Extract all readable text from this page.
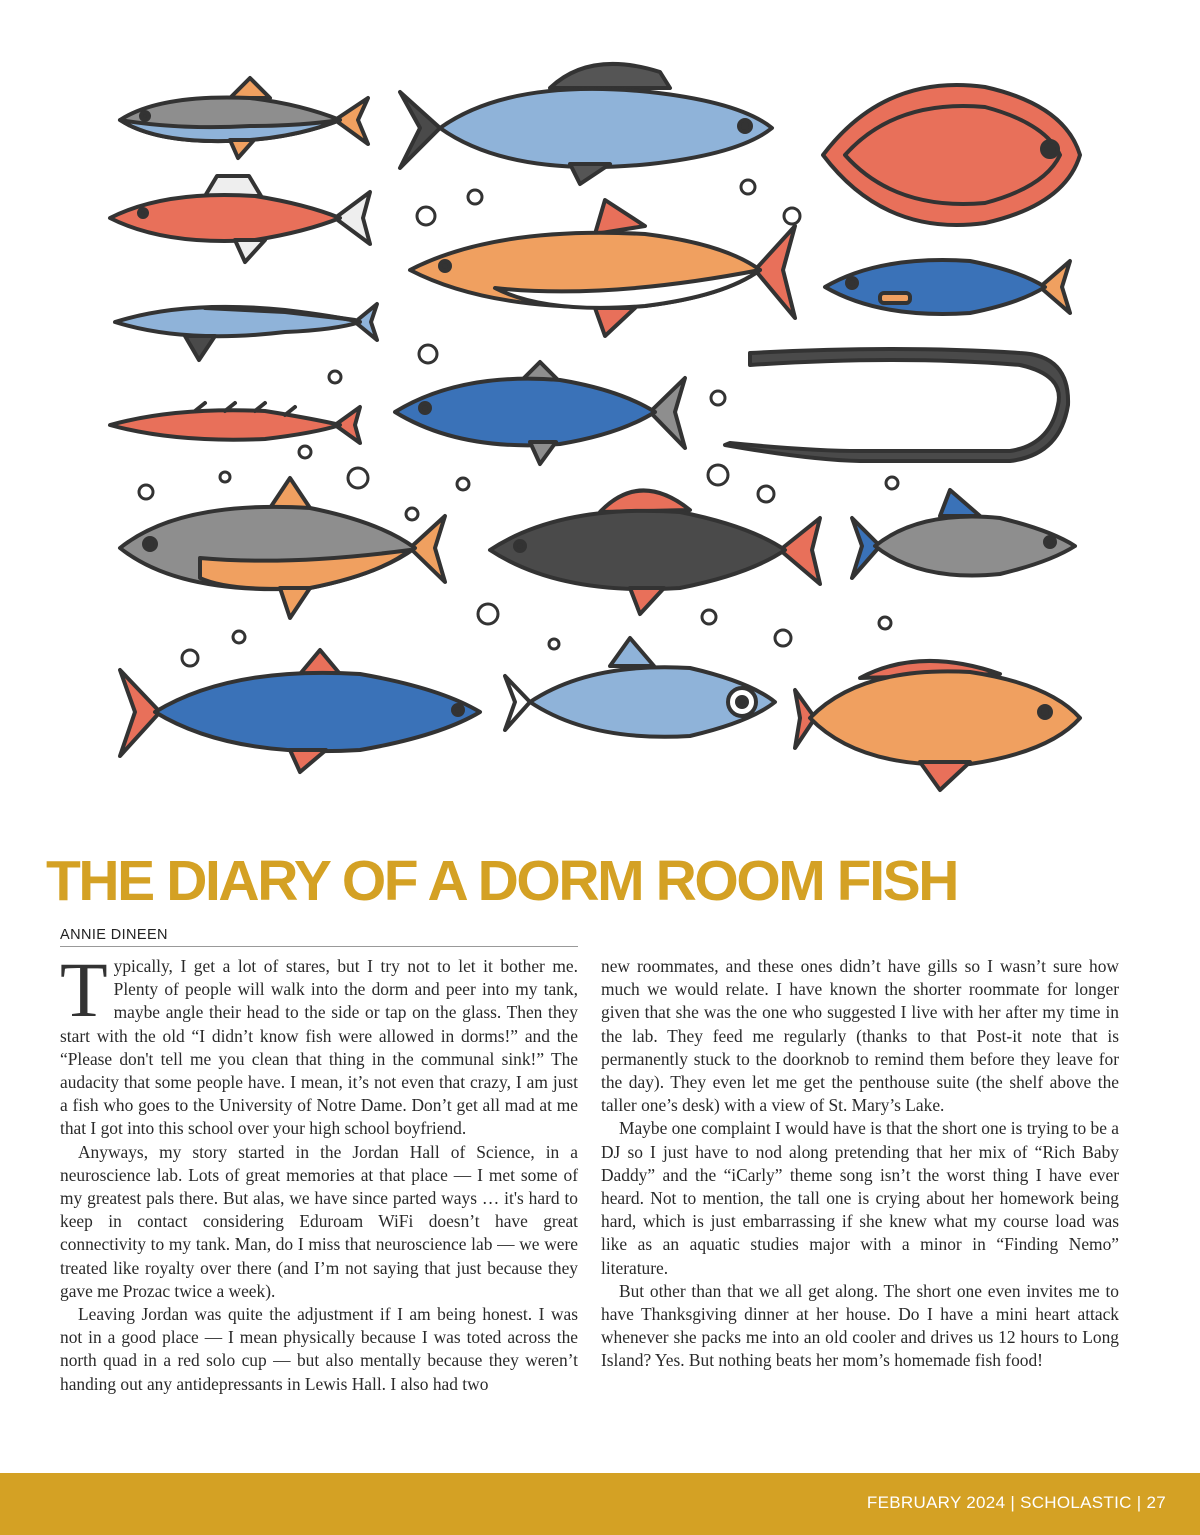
THE DIARY OF A DORM ROOM FISH
ANNIE DINEEN

Typically, I get a lot of stares, but I try not to let it bother me. Plenty of people will walk into the dorm and peer into my tank, maybe angle their head to the side or tap on the glass. Then they start with the old “I didn’t know fish were allowed in dorms!” and the “Please don't tell me you clean that thing in the communal sink!” The audacity that some people have. I mean, it’s not even that crazy, I am just a fish who goes to the University of Notre Dame. Don’t get all mad at me that I got into this school over your high school boyfriend.

Anyways, my story started in the Jordan Hall of Science, in a neuroscience lab. Lots of great memories at that place — I met some of my greatest pals there. But alas, we have since parted ways … it's hard to keep in contact considering Eduroam WiFi doesn’t have great connectivity to my tank. Man, do I miss that neuroscience lab — we were treated like royalty over there (and I’m not saying that just because they gave me Prozac twice a week).

Leaving Jordan was quite the adjustment if I am being honest. I was not in a good place — I mean physically because I was toted across the north quad in a red solo cup — but also mentally because they weren’t handing out any antidepressants in Lewis Hall. I also had two

new roommates, and these ones didn’t have gills so I wasn’t sure how much we would relate. I have known the shorter roommate for longer given that she was the one who suggested I live with her after my time in the lab. They feed me regularly (thanks to that Post-it note that is permanently stuck to the doorknob to remind them before they leave for the day). They even let me get the penthouse suite (the shelf above the taller one’s desk) with a view of St. Mary’s Lake.

Maybe one complaint I would have is that the short one is trying to be a DJ so I just have to nod along pretending that her mix of “Rich Baby Daddy” and the “iCarly” theme song isn’t the worst thing I have ever heard. Not to mention, the tall one is crying about her homework being hard, which is just embarrassing if she knew what my course load was like as an aquatic studies major with a minor in “Finding Nemo” literature.

But other than that we all get along. The short one even invites me to have Thanksgiving dinner at her house. Do I have a mini heart attack whenever she packs me into an old cooler and drives us 12 hours to Long Island? Yes. But nothing beats her mom’s homemade fish food!

FEBRUARY 2024 | SCHOLASTIC | 27
